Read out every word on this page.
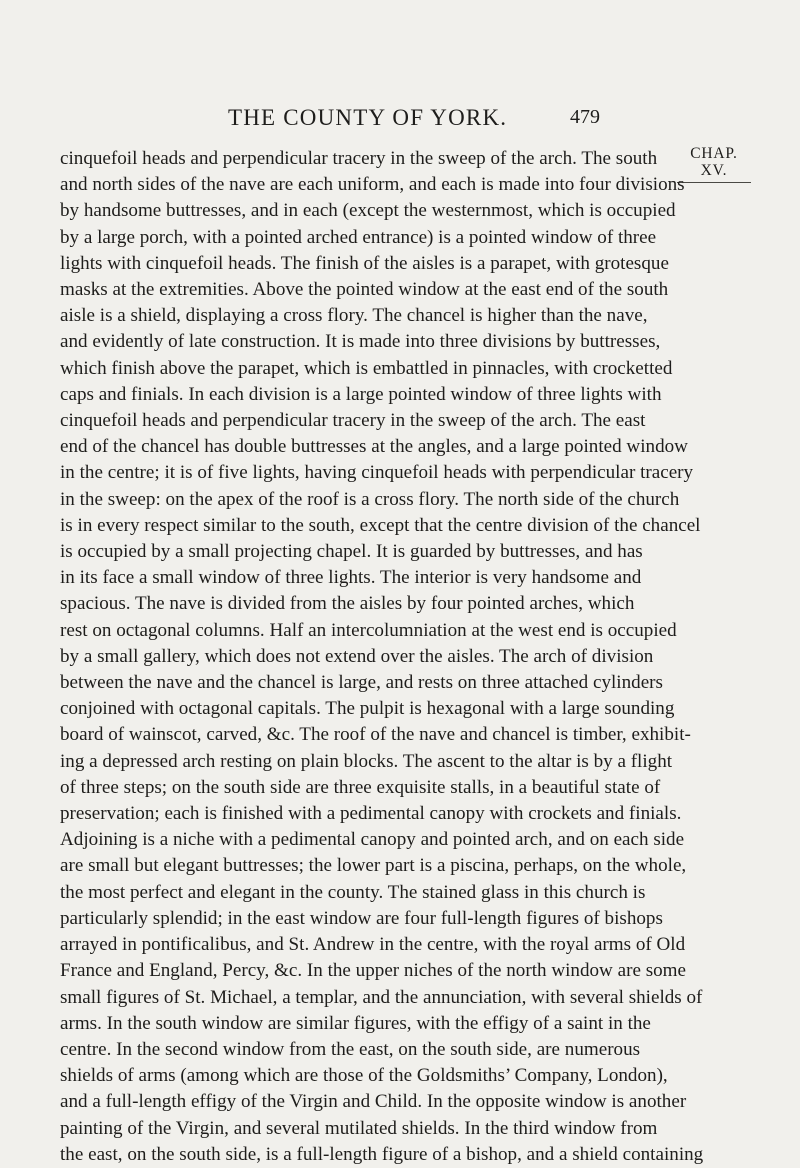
THE COUNTY OF YORK.	479
CHAP.
XV.
cinquefoil heads and perpendicular tracery in the sweep of the arch. The south
and north sides of the nave are each uniform, and each is made into four divisions
by handsome buttresses, and in each (except the westernmost, which is occupied
by a large porch, with a pointed arched entrance) is a pointed window of three
lights with cinquefoil heads. The finish of the aisles is a parapet, with grotesque
masks at the extremities. Above the pointed window at the east end of the south
aisle is a shield, displaying a cross flory. The chancel is higher than the nave,
and evidently of late construction. It is made into three divisions by buttresses,
which finish above the parapet, which is embattled in pinnacles, with crocketted
caps and finials. In each division is a large pointed window of three lights with
cinquefoil heads and perpendicular tracery in the sweep of the arch. The east
end of the chancel has double buttresses at the angles, and a large pointed window
in the centre; it is of five lights, having cinquefoil heads with perpendicular tracery
in the sweep: on the apex of the roof is a cross flory. The north side of the church
is in every respect similar to the south, except that the centre division of the chancel
is occupied by a small projecting chapel. It is guarded by buttresses, and has
in its face a small window of three lights. The interior is very handsome and
spacious. The nave is divided from the aisles by four pointed arches, which
rest on octagonal columns. Half an intercolumniation at the west end is occupied
by a small gallery, which does not extend over the aisles. The arch of division
between the nave and the chancel is large, and rests on three attached cylinders
conjoined with octagonal capitals. The pulpit is hexagonal with a large sounding
board of wainscot, carved, &c. The roof of the nave and chancel is timber, exhibit-
ing a depressed arch resting on plain blocks. The ascent to the altar is by a flight
of three steps; on the south side are three exquisite stalls, in a beautiful state of
preservation; each is finished with a pedimental canopy with crockets and finials.
Adjoining is a niche with a pedimental canopy and pointed arch, and on each side
are small but elegant buttresses; the lower part is a piscina, perhaps, on the whole,
the most perfect and elegant in the county. The stained glass in this church is
particularly splendid; in the east window are four full-length figures of bishops
arrayed in pontificalibus, and St. Andrew in the centre, with the royal arms of Old
France and England, Percy, &c. In the upper niches of the north window are some
small figures of St. Michael, a templar, and the annunciation, with several shields of
arms. In the south window are similar figures, with the effigy of a saint in the
centre. In the second window from the east, on the south side, are numerous
shields of arms (among which are those of the Goldsmiths’ Company, London),
and a full-length effigy of the Virgin and Child. In the opposite window is another
painting of the Virgin, and several mutilated shields. In the third window from
the east, on the south side, is a full-length figure of a bishop, and a shield containing
